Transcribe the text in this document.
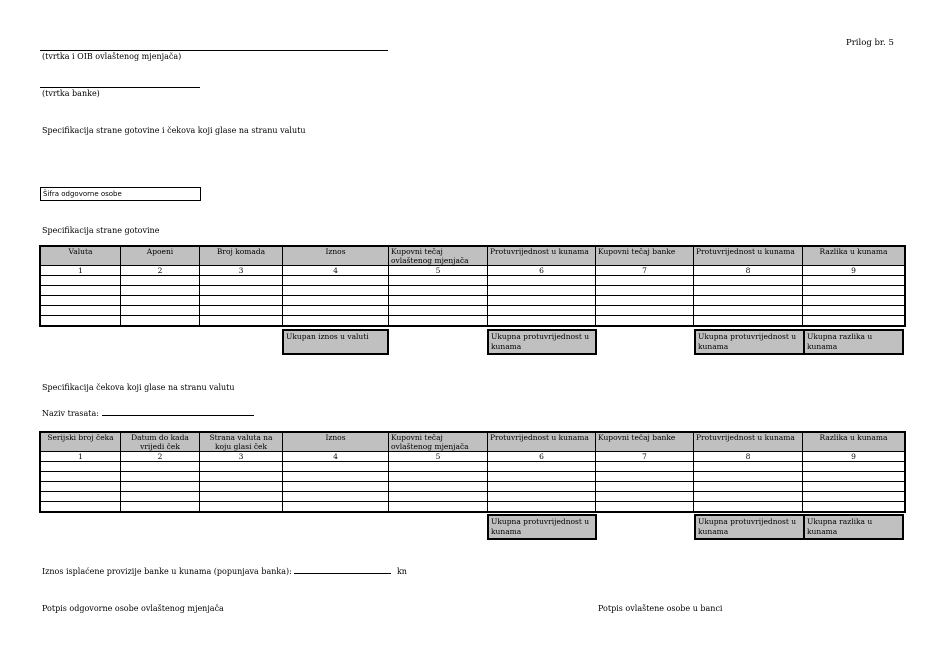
Prilog br. 5
(tvrtka i OIB ovlaštenog mjenjača)
(tvrtka banke)
Specifikacija strane gotovine i čekova koji glase na stranu valutu
Šifra odgovorne osobe
Specifikacija strane gotovine
Valuta	Apoeni	Broj komada	Iznos	Kupovni tečaj ovlaštenog mjenjača	Protuvrijednost u kunama	Kupovni tečaj banke	Protuvrijednost u kunama	Razlika u kunama
1	2	3	4	5	6	7	8	9

Ukupan iznos u valuti	Ukupna protuvrijednost u kunama
Ukupna protuvrijednost u kunama
Ukupna razlika u kunama
Specifikacija čekova koji glase na stranu valutu
Naziv trasata:
Serijski broj čeka	Datum do kada vrijedi ček	Strana valuta na koju glasi ček	Iznos	Kupovni tečaj ovlaštenog mjenjača	Protuvrijednost u kunama	Kupovni tečaj banke	Protuvrijednost u kunama	Razlika u kunama
1	2	3	4	5	6	7	8	9

Ukupna protuvrijednost u kunama
Ukupna protuvrijednost u kunama
Ukupna razlika u kunama
Iznos isplaćene provizije banke u kunama (popunjava banka):	kn
Potpis odgovorne osobe ovlaštenog mjenjača	Potpis ovlaštene osobe u banci
